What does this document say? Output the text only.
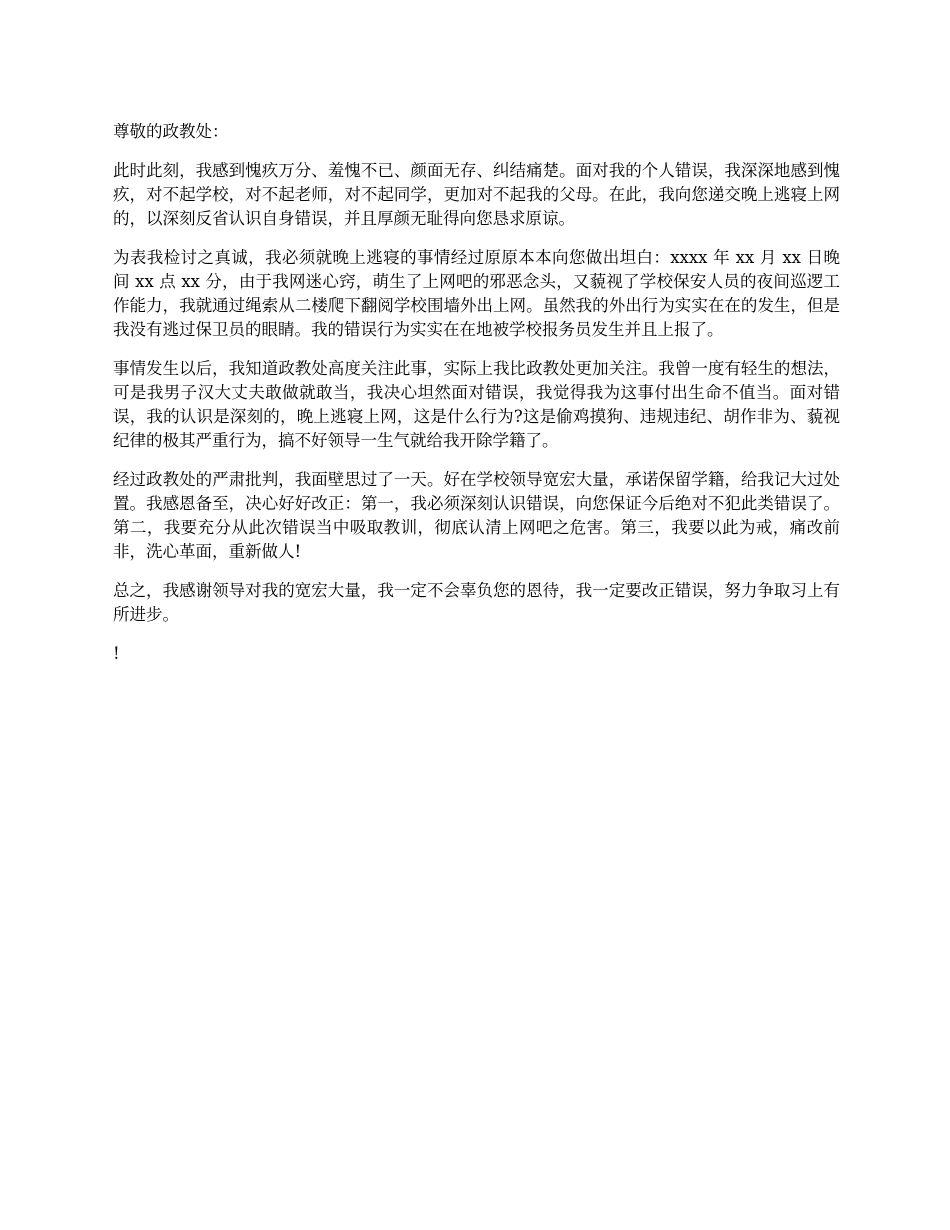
尊敬的政教处：

此时此刻，我感到愧疚万分、羞愧不已、颜面无存、纠结痛楚。面对我的个人错误，我深深地感到愧疚，对不起学校，对不起老师，对不起同学，更加对不起我的父母。在此，我向您递交晚上逃寝上网的，以深刻反省认识自身错误，并且厚颜无耻得向您恳求原谅。

为表我检讨之真诚，我必须就晚上逃寝的事情经过原原本本向您做出坦白：xxxx 年 xx 月 xx 日晚间 xx 点 xx 分，由于我网迷心窍，萌生了上网吧的邪恶念头，又藐视了学校保安人员的夜间巡逻工作能力，我就通过绳索从二楼爬下翻阅学校围墙外出上网。虽然我的外出行为实实在在的发生，但是我没有逃过保卫员的眼睛。我的错误行为实实在在地被学校报务员发生并且上报了。

事情发生以后，我知道政教处高度关注此事，实际上我比政教处更加关注。我曾一度有轻生的想法，可是我男子汉大丈夫敢做就敢当，我决心坦然面对错误，我觉得我为这事付出生命不值当。面对错误，我的认识是深刻的，晚上逃寝上网，这是什么行为?这是偷鸡摸狗、违规违纪、胡作非为、藐视纪律的极其严重行为，搞不好领导一生气就给我开除学籍了。

经过政教处的严肃批判，我面壁思过了一天。好在学校领导宽宏大量，承诺保留学籍，给我记大过处置。我感恩备至，决心好好改正：第一，我必须深刻认识错误，向您保证今后绝对不犯此类错误了。第二，我要充分从此次错误当中吸取教训，彻底认清上网吧之危害。第三，我要以此为戒，痛改前非，洗心革面，重新做人!

总之，我感谢领导对我的宽宏大量，我一定不会辜负您的恩待，我一定要改正错误，努力争取习上有所进步。

!
